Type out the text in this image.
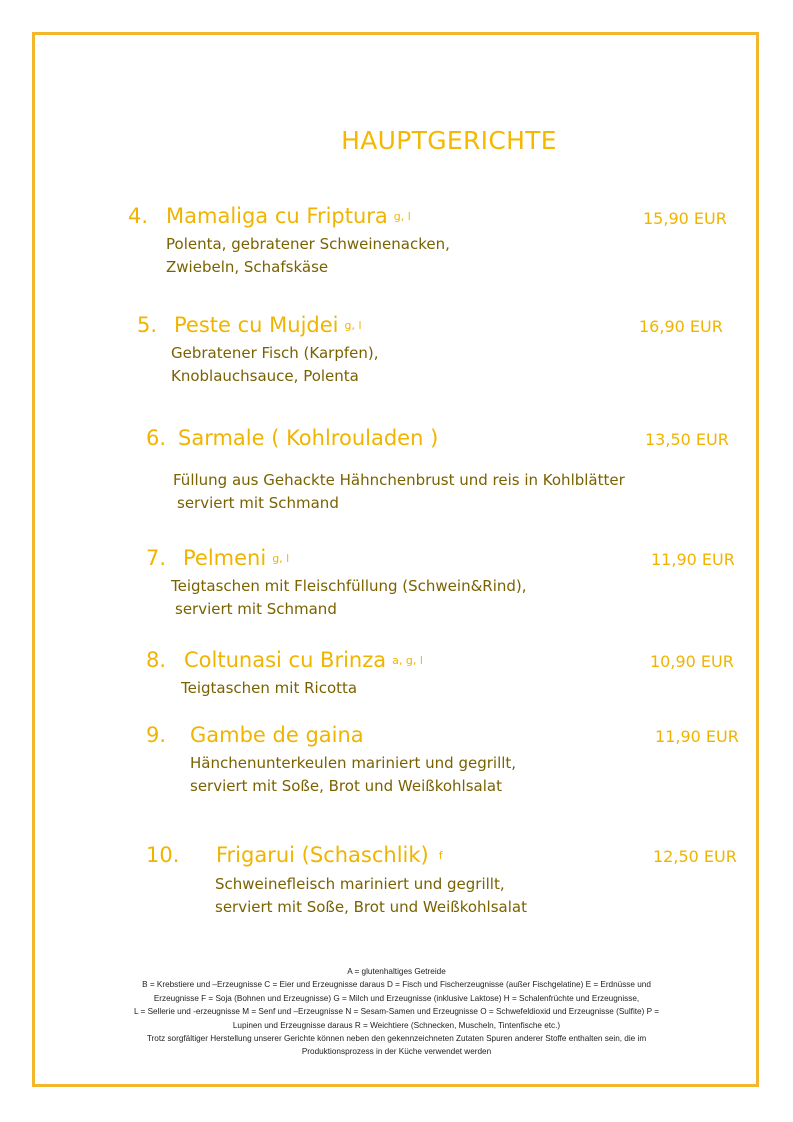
HAUPTGERICHTE
4. Mamaliga cu Friptura g, l	15,90 EUR
Polenta, gebratener Schweinenacken,
Zwiebeln, Schafskäse
5. Peste cu Mujdei g, l	16,90 EUR
Gebratener Fisch (Karpfen),
Knoblauchsauce, Polenta
6. Sarmale ( Kohlrouladen )	13,50 EUR
Füllung aus Gehackte Hähnchenbrust und reis in Kohlblätter
serviert mit Schmand
7. Pelmeni g, l	11,90 EUR
Teigtaschen mit Fleischfüllung (Schwein&Rind),
serviert mit Schmand
8. Coltunasi cu Brinza a, g, l	10,90 EUR
Teigtaschen mit Ricotta
9. Gambe de gaina	11,90 EUR
Hänchenunterkeulen mariniert und gegrillt,
serviert mit Soße, Brot und Weißkohlsalat
10. Frigarui (Schaschlik) f	12,50 EUR
Schweinefleisch mariniert und gegrillt,
serviert mit Soße, Brot und Weißkohlsalat
A = glutenhaltiges Getreide
B = Krebstiere und –Erzeugnisse C = Eier und Erzeugnisse daraus D = Fisch und Fischerzeugnisse (außer Fischgelatine) E = Erdnüsse und
Erzeugnisse F = Soja (Bohnen und Erzeugnisse) G = Milch und Erzeugnisse (inklusive Laktose) H = Schalenfrüchte und Erzeugnisse,
L = Sellerie und -erzeugnisse M = Senf und –Erzeugnisse N = Sesam-Samen und Erzeugnisse O = Schwefeldioxid und Erzeugnisse (Sulfite) P =
Lupinen und Erzeugnisse daraus R = Weichtiere (Schnecken, Muscheln, Tintenfische etc.)
Trotz sorgfältiger Herstellung unserer Gerichte können neben den gekennzeichneten Zutaten Spuren anderer Stoffe enthalten sein, die im
Produktionsprozess in der Küche verwendet werden
